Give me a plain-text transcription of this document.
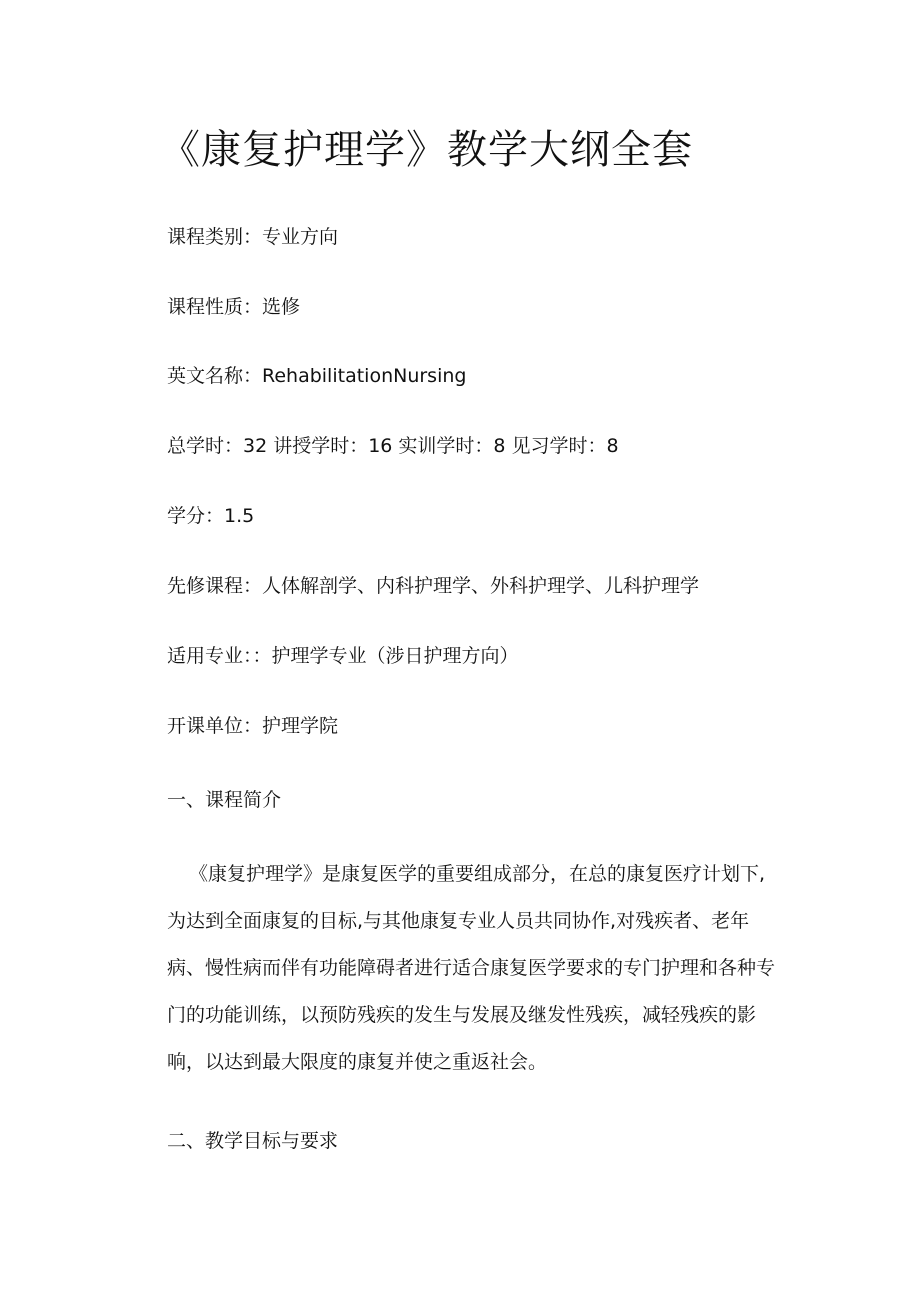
《康复护理学》教学大纲全套
课程类别：专业方向
课程性质：选修
英文名称：RehabilitationNursing
总学时：32 讲授学时：16 实训学时：8 见习学时：8
学分：1.5
先修课程：人体解剖学、内科护理学、外科护理学、儿科护理学
适用专业：：护理学专业（涉日护理方向）
开课单位：护理学院
一、课程简介

《康复护理学》是康复医学的重要组成部分，在总的康复医疗计划下,为达到全面康复的目标,与其他康复专业人员共同协作,对残疾者、老年病、慢性病而伴有功能障碍者进行适合康复医学要求的专门护理和各种专门的功能训练，以预防残疾的发生与发展及继发性残疾，减轻残疾的影响，以达到最大限度的康复并使之重返社会。

二、教学目标与要求
